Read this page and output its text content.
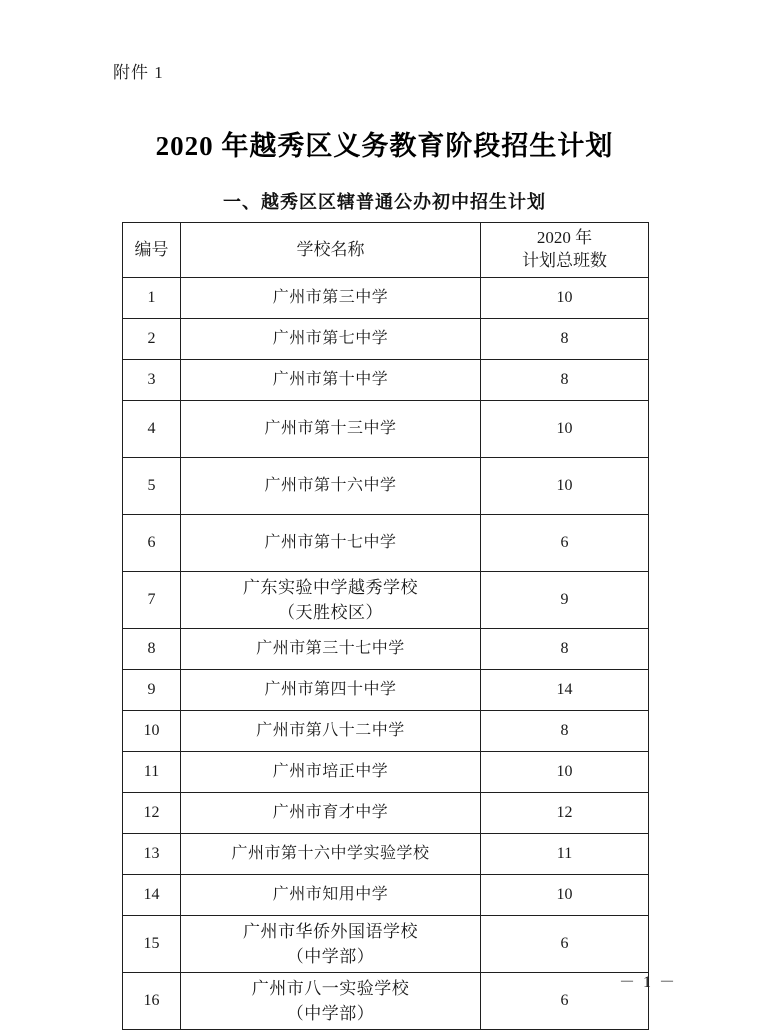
附件 1
2020 年越秀区义务教育阶段招生计划
一、越秀区区辖普通公办初中招生计划
编号	学校名称	2020 年
计划总班数

1	广州市第三中学	10
2	广州市第七中学	8
3	广州市第十中学	8
4	广州市第十三中学	10
5	广州市第十六中学	10
6	广州市第十七中学	6
7	广东实验中学越秀学校
（天胜校区）	9
8	广州市第三十七中学	8
9	广州市第四十中学	14
10	广州市第八十二中学	8
11	广州市培正中学	10
12	广州市育才中学	12
13	广州市第十六中学实验学校	11
14	广州市知用中学	10
15	广州市华侨外国语学校
（中学部）	6
16	广州市八一实验学校
（中学部）	6
－ 1 －
